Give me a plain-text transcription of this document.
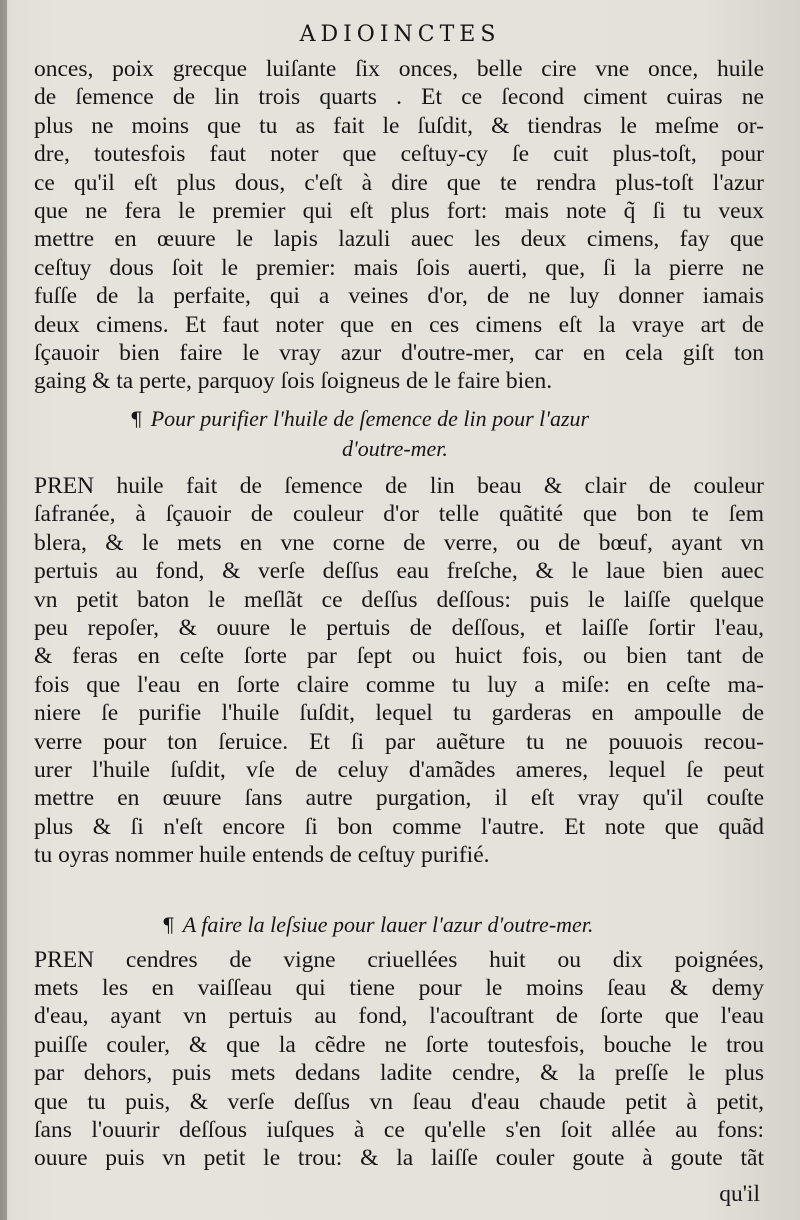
ADIOINCTES
onces, poix grecque luiſante ſix onces, belle cire vne once, huile
de ſemence de lin trois quarts . Et ce ſecond ciment cuiras ne
plus ne moins que tu as fait le ſuſdit, & tiendras le meſme or-
dre, toutesfois faut noter que ceſtuy-cy ſe cuit plus-toſt, pour
ce qu'il eſt plus dous, c'eſt à dire que te rendra plus-toſt l'azur
que ne fera le premier qui eſt plus fort: mais note q̃ ſi tu veux
mettre en œuure le lapis lazuli auec les deux cimens, fay que
ceſtuy dous ſoit le premier: mais ſois auerti, que, ſi la pierre ne
fuſſe de la perfaite, qui a veines d'or, de ne luy donner iamais
deux cimens. Et faut noter que en ces cimens eſt la vraye art de
ſçauoir bien faire le vray azur d'outre-mer, car en cela giſt ton
gaing & ta perte, parquoy ſois ſoigneus de le faire bien.
¶ Pour purifier l'huile de ſemence de lin pour l'azur
d'outre-mer.
PREN huile fait de ſemence de lin beau & clair de couleur
ſafranée, à ſçauoir de couleur d'or telle quãtité que bon te ſem
blera, & le mets en vne corne de verre, ou de bœuf, ayant vn
pertuis au fond, & verſe deſſus eau freſche, & le laue bien auec
vn petit baton le meſlãt ce deſſus deſſous: puis le laiſſe quelque
peu repoſer, & ouure le pertuis de deſſous, et laiſſe ſortir l'eau,
& feras en ceſte ſorte par ſept ou huict fois, ou bien tant de
fois que l'eau en ſorte claire comme tu luy a miſe: en ceſte ma-
niere ſe purifie l'huile ſuſdit, lequel tu garderas en ampoulle de
verre pour ton ſeruice. Et ſi par auẽture tu ne pouuois recou-
urer l'huile ſuſdit, vſe de celuy d'amãdes ameres, lequel ſe peut
mettre en œuure ſans autre purgation, il eſt vray qu'il couſte
plus & ſi n'eſt encore ſi bon comme l'autre. Et note que quãd
tu oyras nommer huile entends de ceſtuy purifié.
¶ A faire la leſsiue pour lauer l'azur d'outre-mer.
PREN cendres de vigne criuellées huit ou dix poignées,
mets les en vaiſſeau qui tiene pour le moins ſeau & demy
d'eau, ayant vn pertuis au fond, l'acouſtrant de ſorte que l'eau
puiſſe couler, & que la cẽdre ne ſorte toutesfois, bouche le trou
par dehors, puis mets dedans ladite cendre, & la preſſe le plus
que tu puis, & verſe deſſus vn ſeau d'eau chaude petit à petit,
ſans l'ouurir deſſous iuſques à ce qu'elle s'en ſoit allée au fons:
ouure puis vn petit le trou: & la laiſſe couler goute à goute tãt
qu'il
